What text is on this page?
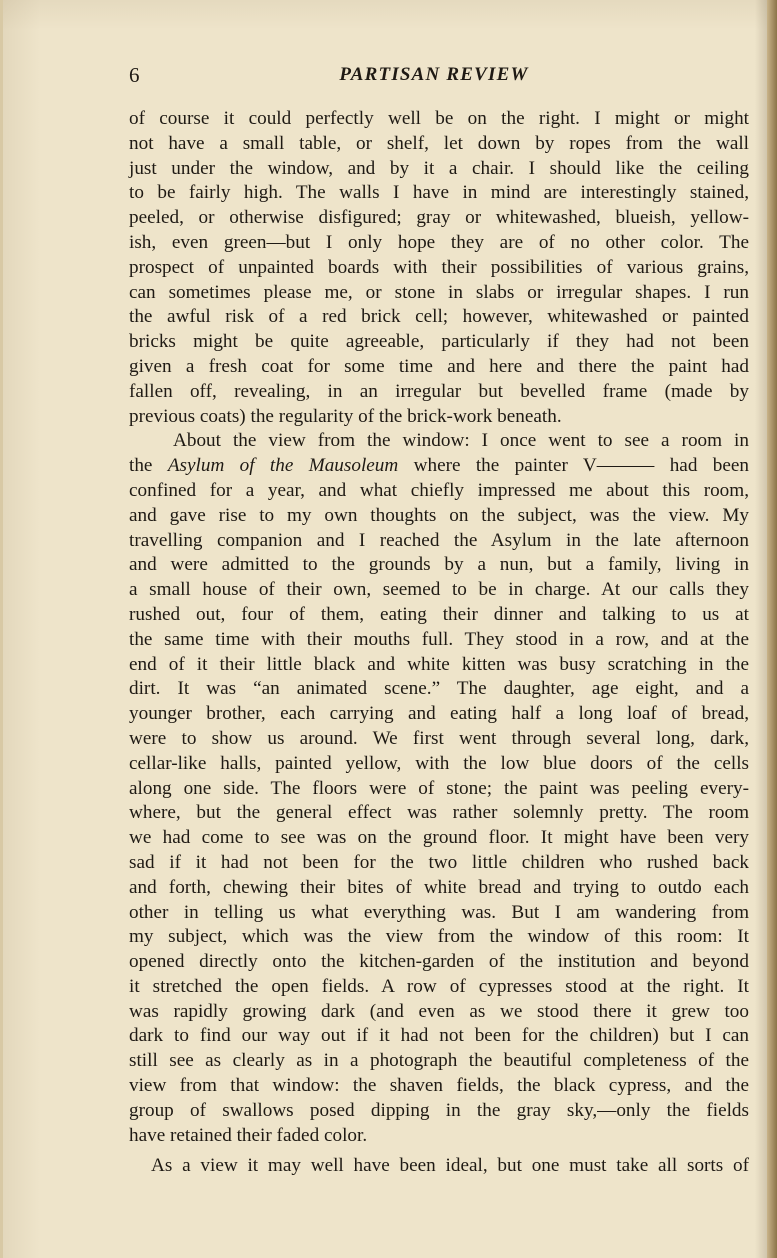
6	PARTISAN REVIEW

of course it could perfectly well be on the right. I might or might
not have a small table, or shelf, let down by ropes from the wall
just under the window, and by it a chair. I should like the ceiling
to be fairly high. The walls I have in mind are interestingly stained,
peeled, or otherwise disfigured; gray or whitewashed, blueish, yellow-
ish, even green—but I only hope they are of no other color. The
prospect of unpainted boards with their possibilities of various grains,
can sometimes please me, or stone in slabs or irregular shapes. I run
the awful risk of a red brick cell; however, whitewashed or painted
bricks might be quite agreeable, particularly if they had not been
given a fresh coat for some time and here and there the paint had
fallen off, revealing, in an irregular but bevelled frame (made by
previous coats) the regularity of the brick-work beneath.

About the view from the window: I once went to see a room in
the Asylum of the Mausoleum where the painter V——— had been
confined for a year, and what chiefly impressed me about this room,
and gave rise to my own thoughts on the subject, was the view. My
travelling companion and I reached the Asylum in the late afternoon
and were admitted to the grounds by a nun, but a family, living in
a small house of their own, seemed to be in charge. At our calls they
rushed out, four of them, eating their dinner and talking to us at
the same time with their mouths full. They stood in a row, and at the
end of it their little black and white kitten was busy scratching in the
dirt. It was “an animated scene.” The daughter, age eight, and a
younger brother, each carrying and eating half a long loaf of bread,
were to show us around. We first went through several long, dark,
cellar-like halls, painted yellow, with the low blue doors of the cells
along one side. The floors were of stone; the paint was peeling every-
where, but the general effect was rather solemnly pretty. The room
we had come to see was on the ground floor. It might have been very
sad if it had not been for the two little children who rushed back
and forth, chewing their bites of white bread and trying to outdo each
other in telling us what everything was. But I am wandering from
my subject, which was the view from the window of this room: It
opened directly onto the kitchen-garden of the institution and beyond
it stretched the open fields. A row of cypresses stood at the right. It
was rapidly growing dark (and even as we stood there it grew too
dark to find our way out if it had not been for the children) but I can
still see as clearly as in a photograph the beautiful completeness of the
view from that window: the shaven fields, the black cypress, and the
group of swallows posed dipping in the gray sky,—only the fields
have retained their faded color.

As a view it may well have been ideal, but one must take all sorts of
